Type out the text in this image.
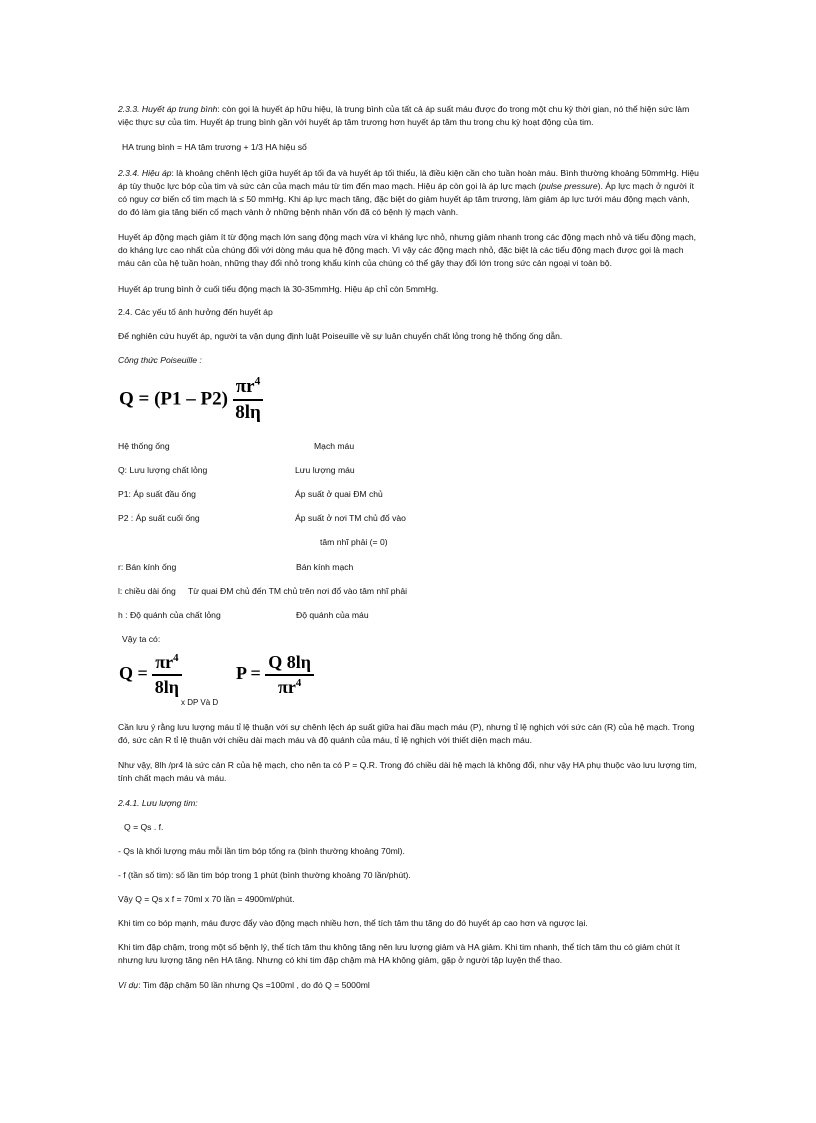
2.3.3. Huyết áp trung bình: còn gọi là huyết áp hữu hiệu, là trung bình của tất cả áp suất máu được đo trong một chu kỳ thời gian, nó thể hiện sức làm việc thực sự của tim. Huyết áp trung bình gần với huyết áp tâm trương hơn huyết áp tâm thu trong chu kỳ hoạt động của tim.

HA trung bình = HA tâm trương + 1/3 HA hiệu số

2.3.4. Hiệu áp: là khoảng chênh lệch giữa huyết áp tối đa và huyết áp tối thiểu, là điều kiện cần cho tuần hoàn máu. Bình thường khoảng 50mmHg. Hiệu áp tùy thuộc lực bóp của tim và sức cản của mạch máu từ tim đến mao mạch. Hiệu áp còn gọi là áp lực mạch (pulse pressure). Áp lực mạch ở người ít có nguy cơ biến cố tim mạch là ≤ 50 mmHg. Khi áp lực mạch tăng, đặc biệt do giảm huyết áp tâm trương, làm giảm áp lực tưới máu động mạch vành, do đó làm gia tăng biến cố mạch vành ở những bệnh nhân vốn đã có bệnh lý mạch vành.

Huyết áp động mạch giảm ít từ động mạch lớn sang động mạch vừa vì kháng lực nhỏ, nhưng giảm nhanh trong các động mạch nhỏ và tiểu động mạch, do kháng lực cao nhất của chúng đối với dòng máu qua hệ động mạch. Vì vậy các động mạch nhỏ, đặc biệt là các tiểu động mạch được gọi là mạch máu cản của hệ tuần hoàn, những thay đổi nhỏ trong khẩu kính của chúng có thể gây thay đổi lớn trong sức cản ngoại vi toàn bộ.

Huyết áp trung bình ở cuối tiểu động mạch là 30-35mmHg. Hiệu áp chỉ còn 5mmHg.

2.4. Các yếu tố ảnh hưởng đến huyết áp

Để nghiên cứu huyết áp, người ta vận dụng định luật Poiseuille về sự luân chuyển chất lỏng trong hệ thống ống dẫn.

Công thức Poiseuille :

$Q = (P1 - P2) \frac{\pi r^4}{8l\eta}$
Hệ thống ống	Mạch máu
Q: Lưu lượng chất lỏng	Lưu lượng máu
P1: Áp suất đầu ống	Áp suất ở quai ĐM chủ
P2 : Áp suất cuối ống	Áp suất ở nơi TM chủ đổ vào
tâm nhĩ phải (= 0)
r: Bán kính ống	Bán kính mạch
l: chiều dài ống Từ quai ĐM chủ đến TM chủ trên nơi đổ vào tâm nhĩ phải
h : Độ quánh của chất lỏng	Độ quánh của máu

Vậy ta có:

$Q = \frac{\pi r^4}{8l\eta}$
x DP Và D
$P = \frac{Q 8l\eta}{\pi r^4}$

Cần lưu ý rằng lưu lượng máu tỉ lệ thuận với sự chênh lệch áp suất giữa hai đầu mạch máu (P), nhưng tỉ lệ nghịch với sức cản (R) của hệ mạch. Trong đó, sức cản R tỉ lệ thuận với chiều dài mạch máu và độ quánh của máu, tỉ lệ nghịch với thiết diện mạch máu.

Như vậy, 8lh /pr4 là sức cản R của hệ mạch, cho nên ta có P = Q.R. Trong đó chiều dài hệ mạch là không đổi, như vậy HA phụ thuộc vào lưu lượng tim, tính chất mạch máu và máu.

2.4.1. Lưu lượng tim:

Q = Qs . f.

- Qs là khối lượng máu mỗi lần tim bóp tống ra (bình thường khoảng 70ml).

- f (tần số tim): số lần tim bóp trong 1 phút (bình thường khoảng 70 lần/phút).

Vậy Q = Qs x f = 70ml x 70 lần = 4900ml/phút.

Khi tim co bóp mạnh, máu được đẩy vào động mạch nhiều hơn, thể tích tâm thu tăng do đó huyết áp cao hơn và ngược lại.

Khi tim đập chậm, trong một số bệnh lý, thể tích tâm thu không tăng nên lưu lượng giảm và HA giảm. Khi tim nhanh, thể tích tâm thu có giảm chút ít nhưng lưu lượng tăng nên HA tăng. Nhưng có khi tim đập chậm mà HA không giảm, gặp ở người tập luyện thể thao.

Ví dụ: Tim đập chậm 50 lần nhưng Qs =100ml , do đó Q = 5000ml
